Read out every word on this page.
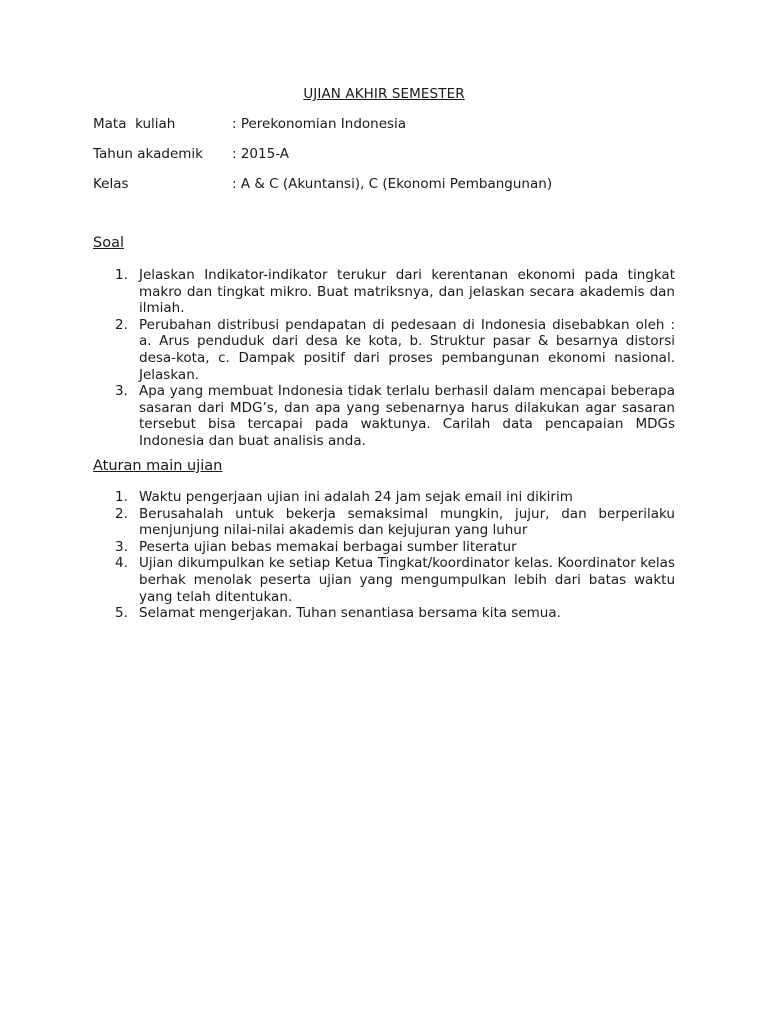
UJIAN AKHIR SEMESTER
Mata  kuliah	: Perekonomian Indonesia
Tahun akademik : 2015-A
Kelas	: A & C (Akuntansi), C (Ekonomi Pembangunan)
Soal
1. Jelaskan Indikator-indikator terukur dari kerentanan ekonomi pada tingkat makro dan tingkat mikro. Buat matriksnya, dan jelaskan secara akademis dan ilmiah.
2. Perubahan distribusi pendapatan di pedesaan di Indonesia disebabkan oleh : a. Arus penduduk dari desa ke kota, b. Struktur pasar & besarnya distorsi desa-kota, c. Dampak positif dari proses pembangunan ekonomi nasional. Jelaskan.
3. Apa yang membuat Indonesia tidak terlalu berhasil dalam mencapai beberapa sasaran dari MDG’s, dan apa yang sebenarnya harus dilakukan agar sasaran tersebut bisa tercapai pada waktunya. Carilah data pencapaian MDGs Indonesia dan buat analisis anda.
Aturan main ujian
1. Waktu pengerjaan ujian ini adalah 24 jam sejak email ini dikirim
2. Berusahalah untuk bekerja semaksimal mungkin, jujur, dan berperilaku menjunjung nilai-nilai akademis dan kejujuran yang luhur
3. Peserta ujian bebas memakai berbagai sumber literatur
4. Ujian dikumpulkan ke setiap Ketua Tingkat/koordinator kelas. Koordinator kelas berhak menolak peserta ujian yang mengumpulkan lebih dari batas waktu yang telah ditentukan.
5. Selamat mengerjakan. Tuhan senantiasa bersama kita semua.
